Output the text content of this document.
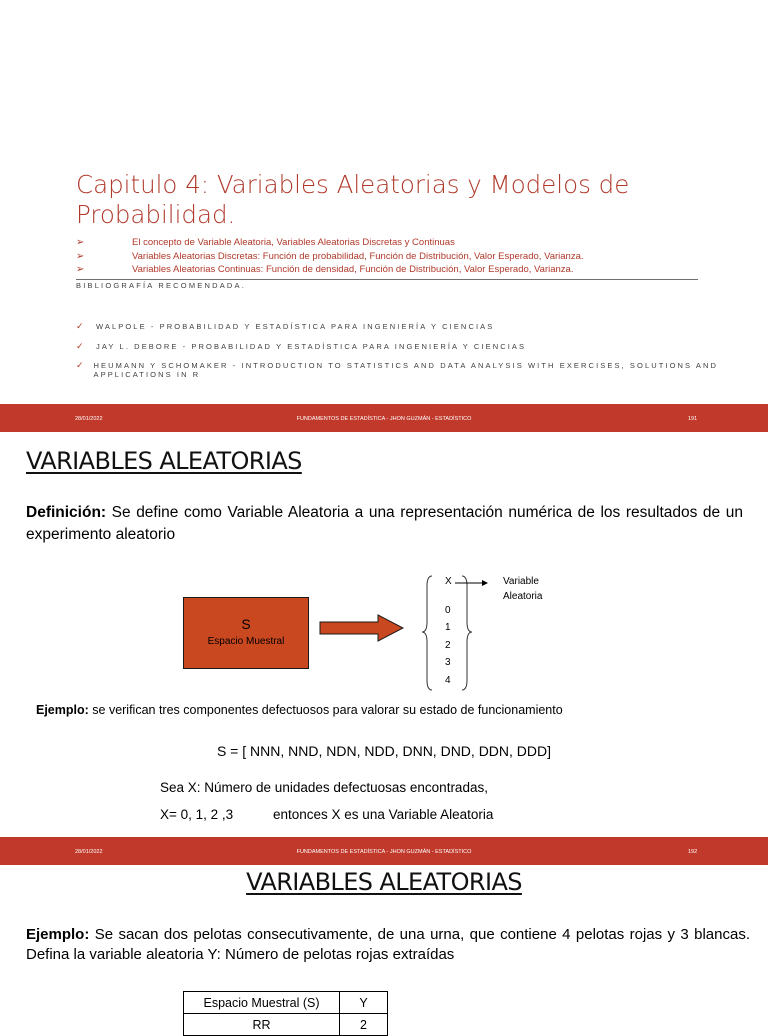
Capitulo 4: Variables Aleatorias y Modelos de Probabilidad.
➢	El concepto de Variable Aleatoria, Variables Aleatorias Discretas y Continuas
➢	Variables Aleatorias Discretas: Función de probabilidad, Función de Distribución, Valor Esperado, Varianza.
➢	Variables Aleatorias Continuas: Función de densidad, Función de Distribución, Valor Esperado, Varianza.
BIBLIOGRAFÍA RECOMENDADA.
✓	WALPOLE - PROBABILIDAD Y ESTADÍSTICA PARA INGENIERÍA Y CIENCIAS
✓	JAY L. DEBORE - PROBABILIDAD Y ESTADÍSTICA PARA INGENIERÍA Y CIENCIAS
✓	HEUMANN Y SCHOMAKER - INTRODUCTION TO STATISTICS AND DATA ANALYSIS WITH EXERCISES, SOLUTIONS AND APPLICATIONS IN R
28/01/2022	FUNDAMENTOS DE ESTADÍSTICA - JHON GUZMÁN - ESTADÍSTICO	191
VARIABLES ALEATORIAS
Definición: Se define como Variable Aleatoria a una representación numérica de los resultados de un experimento aleatorio
S
Espacio Muestral
X
0
1
2
3
4
Variable
Aleatoria
Ejemplo: se verifican tres componentes defectuosos para valorar su estado de funcionamiento
S = [ NNN, NND, NDN, NDD, DNN, DND, DDN, DDD]
Sea X: Número de unidades defectuosas encontradas,
X= 0, 1, 2 ,3	entonces X es una Variable Aleatoria
28/01/2022	FUNDAMENTOS DE ESTADÍSTICA - JHON GUZMÁN - ESTADÍSTICO	192
VARIABLES ALEATORIAS
Ejemplo: Se sacan dos pelotas consecutivamente, de una urna, que contiene 4 pelotas rojas y 3 blancas. Defina la variable aleatoria Y: Número de pelotas rojas extraídas
Espacio Muestral (S)	Y
RR	2
